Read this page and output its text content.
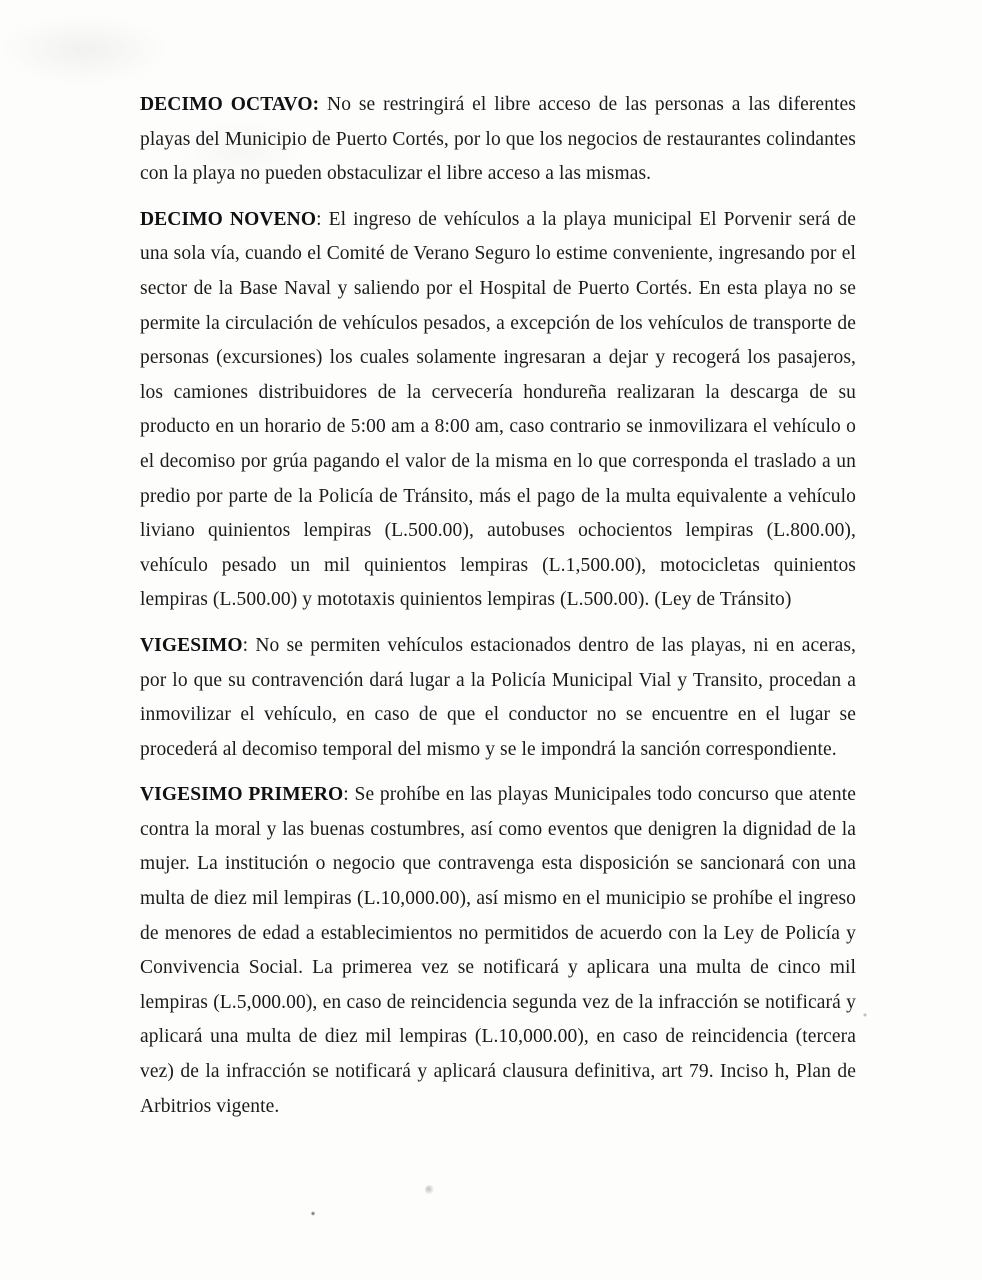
DECIMO OCTAVO: No se restringirá el libre acceso de las personas a las diferentes playas del Municipio de Puerto Cortés, por lo que los negocios de restaurantes colindantes con la playa no pueden obstaculizar el libre acceso a las mismas.

DECIMO NOVENO: El ingreso de vehículos a la playa municipal El Porvenir será de una sola vía, cuando el Comité de Verano Seguro lo estime conveniente, ingresando por el sector de la Base Naval y saliendo por el Hospital de Puerto Cortés. En esta playa no se permite la circulación de vehículos pesados, a excepción de los vehículos de transporte de personas (excursiones) los cuales solamente ingresaran a dejar y recogerá los pasajeros, los camiones distribuidores de la cervecería hondureña realizaran la descarga de su producto en un horario de 5:00 am a 8:00 am, caso contrario se inmovilizara el vehículo o el decomiso por grúa pagando el valor de la misma en lo que corresponda el traslado a un predio por parte de la Policía de Tránsito, más el pago de la multa equivalente a vehículo liviano quinientos lempiras (L.500.00), autobuses ochocientos lempiras (L.800.00), vehículo pesado un mil quinientos lempiras (L.1,500.00), motocicletas quinientos lempiras (L.500.00) y mototaxis quinientos lempiras (L.500.00). (Ley de Tránsito)

VIGESIMO: No se permiten vehículos estacionados dentro de las playas, ni en aceras, por lo que su contravención dará lugar a la Policía Municipal Vial y Transito, procedan a inmovilizar el vehículo, en caso de que el conductor no se encuentre en el lugar se procederá al decomiso temporal del mismo y se le impondrá la sanción correspondiente.

VIGESIMO PRIMERO: Se prohíbe en las playas Municipales todo concurso que atente contra la moral y las buenas costumbres, así como eventos que denigren la dignidad de la mujer. La institución o negocio que contravenga esta disposición se sancionará con una multa de diez mil lempiras (L.10,000.00), así mismo en el municipio se prohíbe el ingreso de menores de edad a establecimientos no permitidos de acuerdo con la Ley de Policía y Convivencia Social. La primerea vez se notificará y aplicara una multa de cinco mil lempiras (L.5,000.00), en caso de reincidencia segunda vez de la infracción se notificará y aplicará una multa de diez mil lempiras (L.10,000.00), en caso de reincidencia (tercera vez) de la infracción se notificará y aplicará clausura definitiva, art 79. Inciso h, Plan de Arbitrios vigente.
